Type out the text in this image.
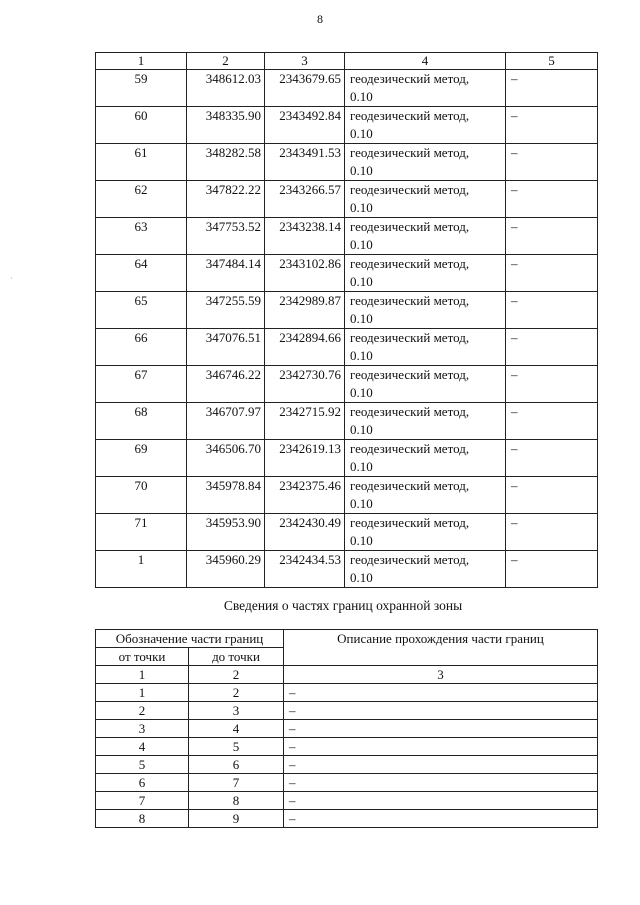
8
·
1	2	3	4	5
59	348612.03	2343679.65	геодезический метод,
0.10	–
60	348335.90	2343492.84	геодезический метод,
0.10	–
61	348282.58	2343491.53	геодезический метод,
0.10	–
62	347822.22	2343266.57	геодезический метод,
0.10	–
63	347753.52	2343238.14	геодезический метод,
0.10	–
64	347484.14	2343102.86	геодезический метод,
0.10	–
65	347255.59	2342989.87	геодезический метод,
0.10	–
66	347076.51	2342894.66	геодезический метод,
0.10	–
67	346746.22	2342730.76	геодезический метод,
0.10	–
68	346707.97	2342715.92	геодезический метод,
0.10	–
69	346506.70	2342619.13	геодезический метод,
0.10	–
70	345978.84	2342375.46	геодезический метод,
0.10	–
71	345953.90	2342430.49	геодезический метод,
0.10	–
1	345960.29	2342434.53	геодезический метод,
0.10	–
Сведения о частях границ охранной зоны
Обозначение части границ		Описание прохождения части границ
от точки	до точки	
1	2	3
1	2	–
2	3	–
3	4	–
4	5	–
5	6	–
6	7	–
7	8	–
8	9	–
